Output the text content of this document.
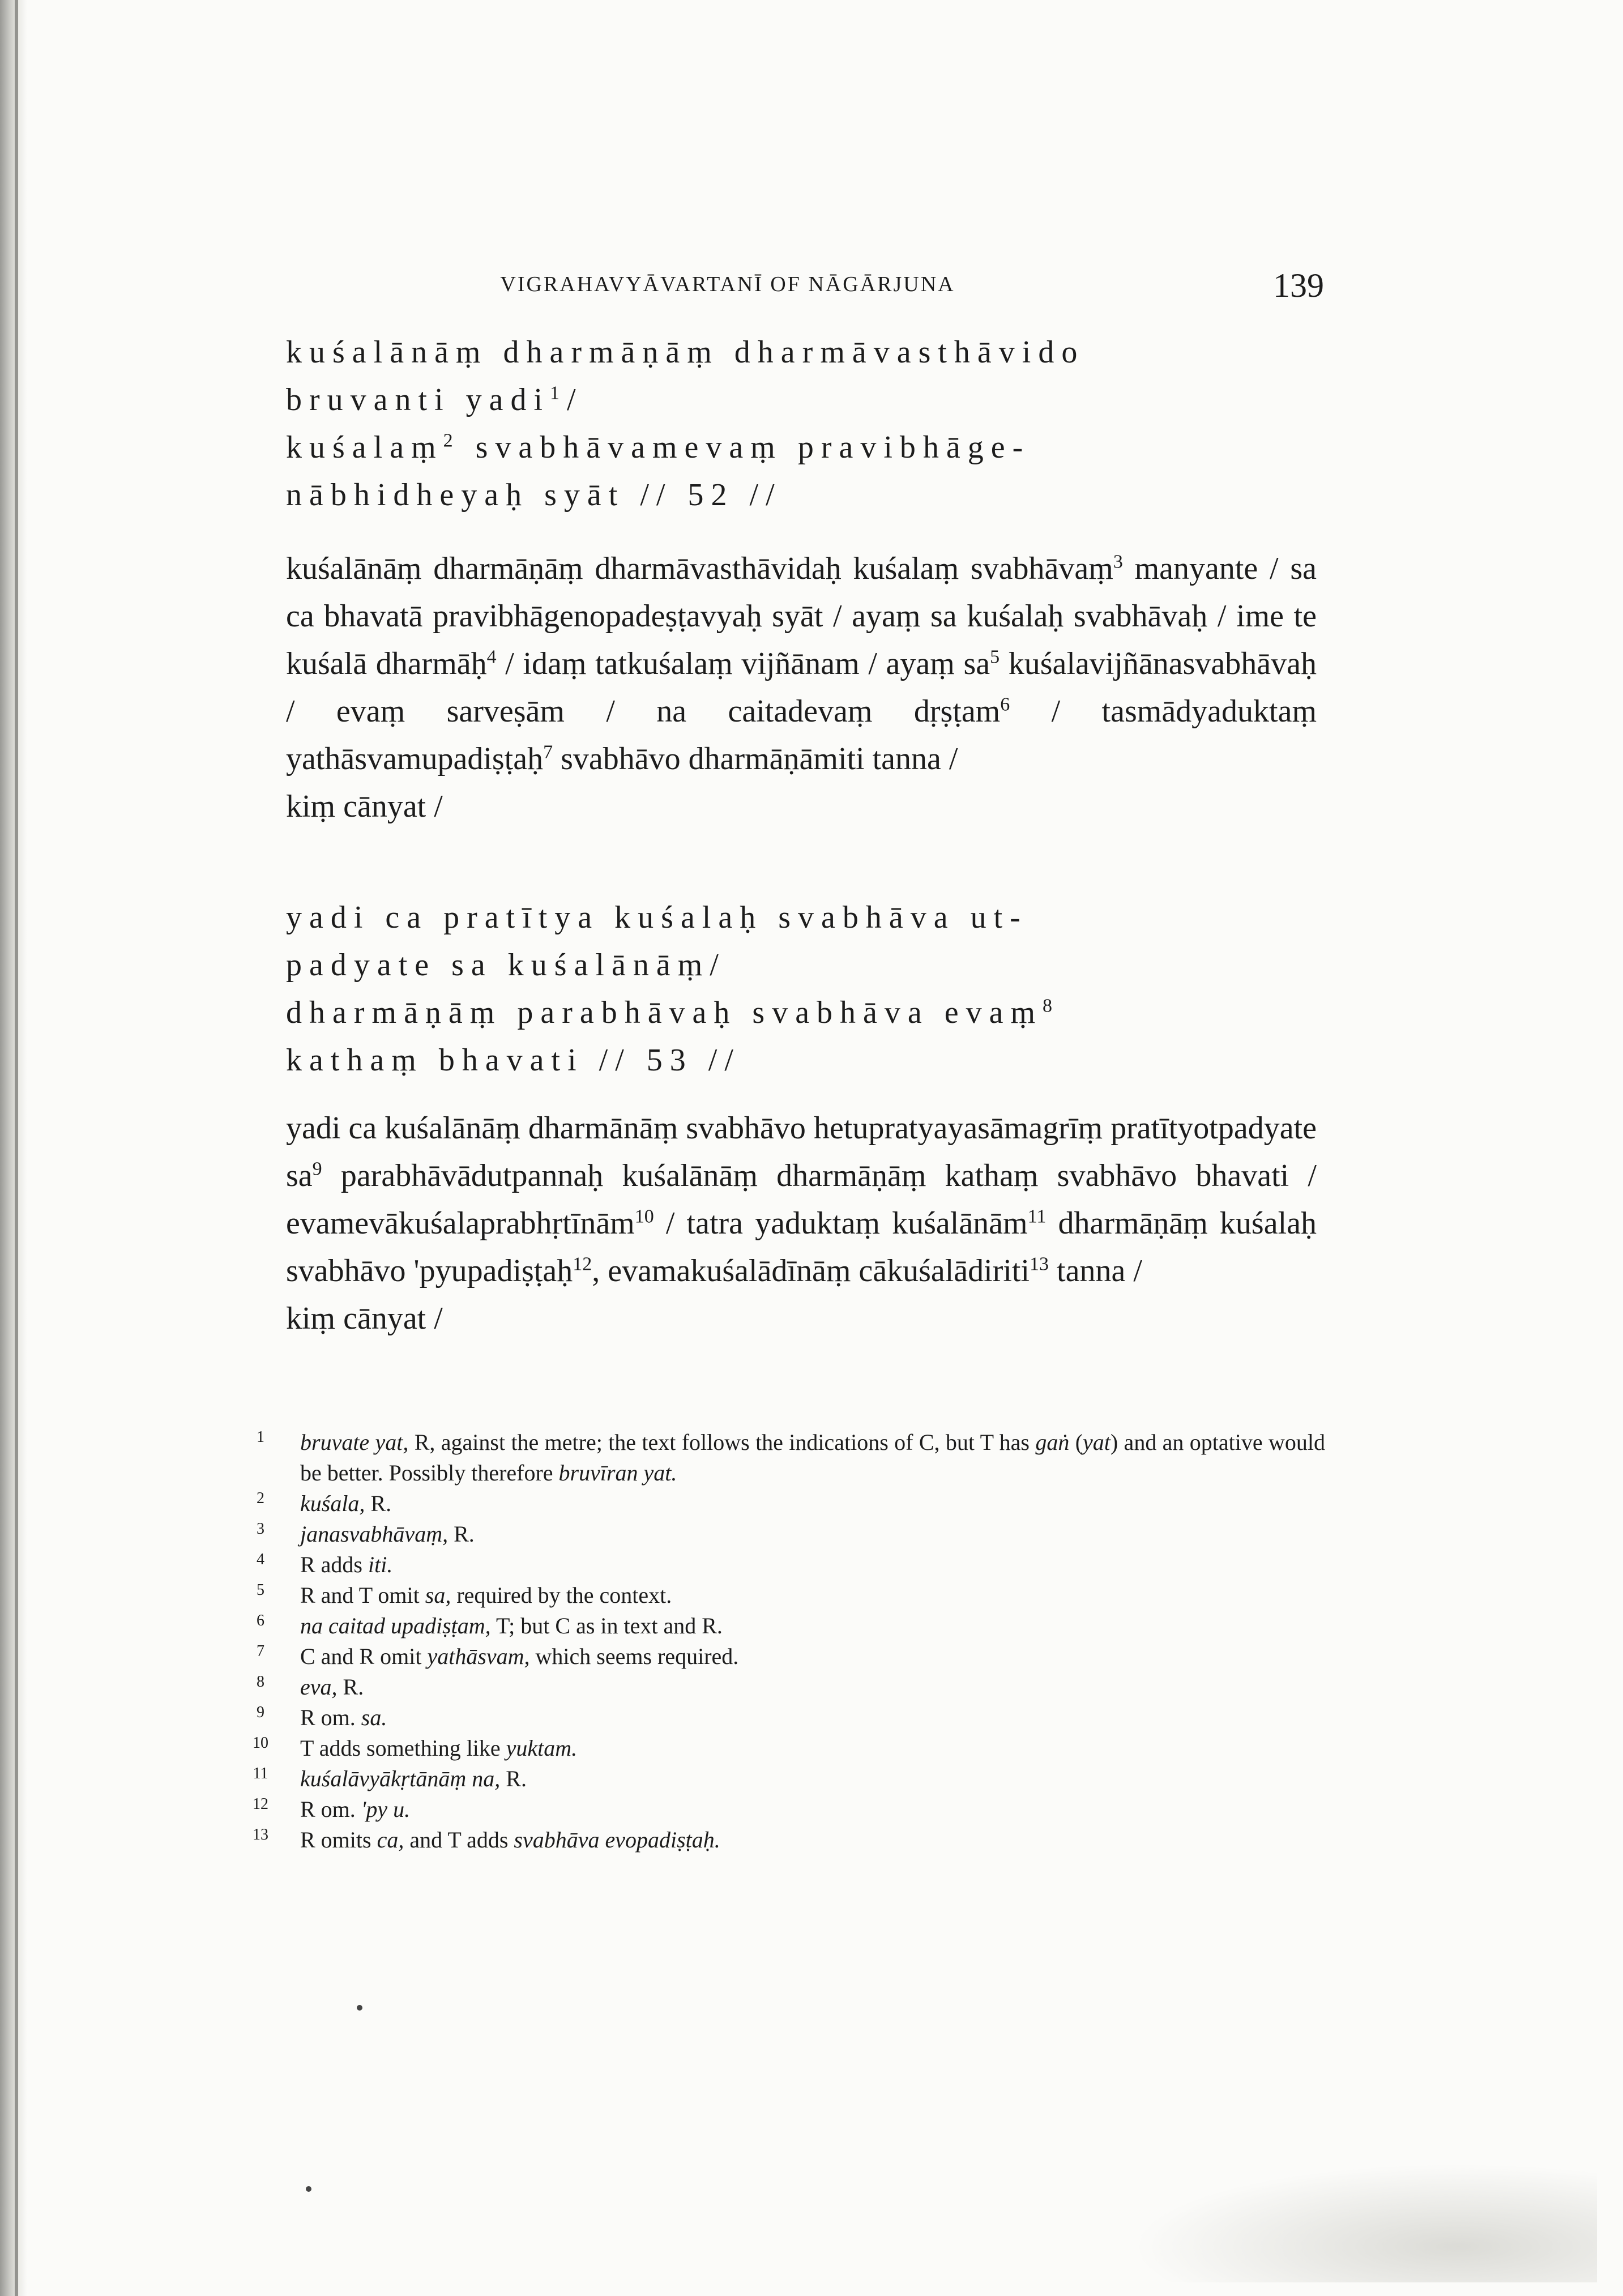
VIGRAHAVYĀVARTANĪ OF NĀGĀRJUNA	139
kuśalānāṃ dharmāṇāṃ dharmāvasthāvido
bruvanti yadi$^1$/
kuśalaṃ$^2$ svabhāvamevaṃ pravibhāge-
nābhidheyaḥ syāt // 52 //

kuśalānāṃ dharmāṇāṃ dharmāvasthāvidaḥ kuśalaṃ svabhāvaṃ$^3$ manyante / sa ca bhavatā pravibhāgenopadeṣṭavyaḥ syāt / ayaṃ sa kuśalaḥ svabhāvaḥ / ime te kuśalā dharmāḥ$^4$ / idaṃ tatkuśalaṃ vijñānam / ayaṃ $sa^5$ kuśalavijñānasvabhāvaḥ / evaṃ sarveṣām / na caitadevaṃ dṛṣṭam$^6$ / tasmādyaduktaṃ yathāsvamupadiṣṭaḥ$^7$ svabhāvo dharmāṇāmiti tanna /

kiṃ cānyat /

yadi ca pratītya kuśalaḥ svabhāva ut-
padyate sa kuśalānāṃ/
dharmāṇāṃ parabhāvaḥ svabhāva evaṃ$^8$
kathaṃ bhavati // 53 //

yadi ca kuśalānāṃ dharmānāṃ svabhāvo hetupratyayasāmagrīṃ pratītyotpadyate $sa^9$ parabhāvādutpannaḥ kuśalānāṃ dharmāṇāṃ kathaṃ svabhāvo bhavati / evamevākuśalaprabhṛtīnām$^{10}$ / tatra yaduktaṃ kuśalānām$^{11}$ dharmāṇāṃ kuśalaḥ svabhāvo 'pyupadiṣṭaḥ$^{12}$, evamakuśalādīnāṃ cākuśalādiriti$^{13}$ tanna /

kiṃ cānyat /

1 bruvate yat, R, against the metre; the text follows the indications of C, but T has gaṅ (yat) and an optative would be better. Possibly therefore bruvīran yat.

2 kuśala, R.

3 janasvabhāvaṃ, R.

4 R adds iti.

5 R and T omit sa, required by the context.

6 na caitad upadiṣṭam, T; but C as in text and R.

7 C and R omit yathāsvam, which seems required.

8 eva, R.

9 R om. sa.

10 T adds something like yuktam.

11 kuśalāvyākṛtānāṃ na, R.

12 R om. 'py u.

13 R omits ca, and T adds svabhāva evopadiṣṭaḥ.
